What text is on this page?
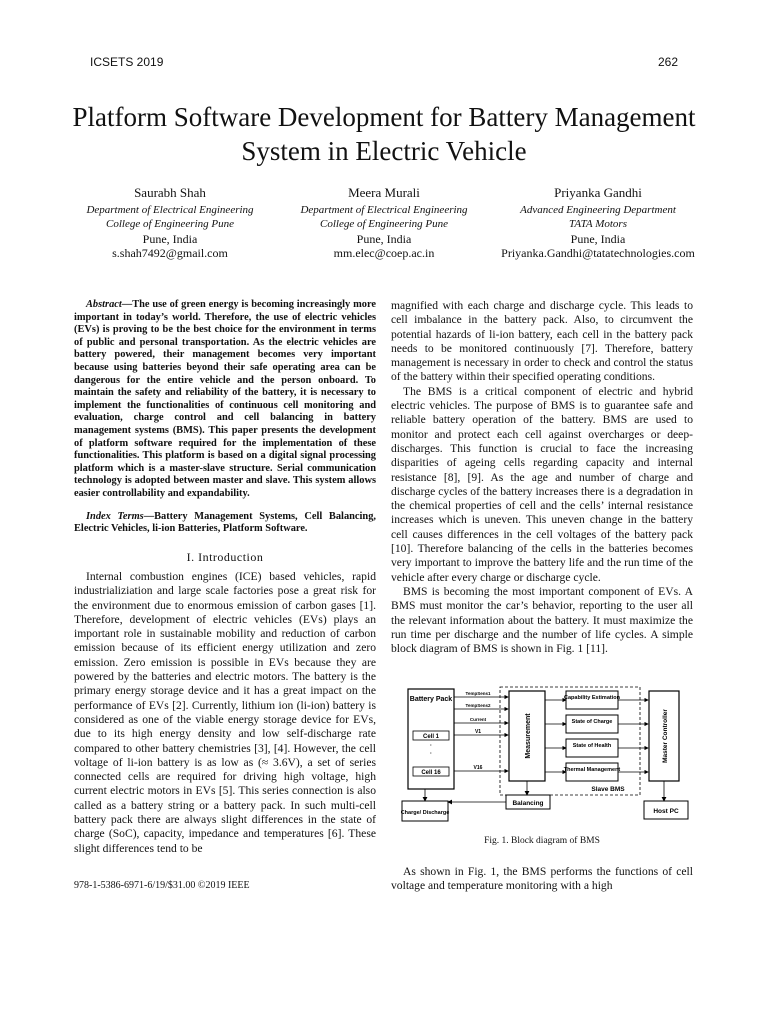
ICSETS 2019	262
Platform Software Development for Battery Management System in Electric Vehicle
Saurabh Shah
Department of Electrical Engineering
College of Engineering Pune
Pune, India
s.shah7492@gmail.com
Meera Murali
Department of Electrical Engineering
College of Engineering Pune
Pune, India
mm.elec@coep.ac.in
Priyanka Gandhi
Advanced Engineering Department
TATA Motors
Pune, India
Priyanka.Gandhi@tatatechnologies.com

Abstract—The use of green energy is becoming increasingly more important in today’s world. Therefore, the use of electric vehicles (EVs) is proving to be the best choice for the environment in terms of public and personal transportation. As the electric vehicles are battery powered, their management becomes very important because using batteries beyond their safe operating area can be dangerous for the entire vehicle and the person onboard. To maintain the safety and reliability of the battery, it is necessary to implement the functionalities of continuous cell monitoring and evaluation, charge control and cell balancing in battery management systems (BMS). This paper presents the development of platform software required for the implementation of these functionalities. This platform is based on a digital signal processing platform which is a master-slave structure. Serial communication technology is adopted between master and slave. This system allows easier controllability and expandability.

Index Terms—Battery Management Systems, Cell Balancing, Electric Vehicles, li-ion Batteries, Platform Software.

I. Introduction

Internal combustion engines (ICE) based vehicles, rapid industrializiation and large scale factories pose a great risk for the environment due to enormous emission of carbon gases [1]. Therefore, development of electric vehicles (EVs) plays an important role in sustainable mobility and reduction of carbon emission because of its efficient energy utilization and zero emission. Zero emission is possible in EVs because they are powered by the batteries and electric motors. The battery is the primary energy storage device and it has a great impact on the performance of EVs [2]. Currently, lithium ion (li-ion) battery is considered as one of the viable energy storage device for EVs, due to its high energy density and low self-discharge rate compared to other battery chemistries [3], [4]. However, the cell voltage of li-ion battery is as low as (≈ 3.6V), a set of series connected cells are required for driving high voltage, high current electric motors in EVs [5]. This series connection is also called as a battery string or a battery pack. In such multi-cell battery pack there are always slight differences in the state of charge (SoC), capacity, impedance and temperatures [6]. These slight differences tend to be

magnified with each charge and discharge cycle. This leads to cell imbalance in the battery pack. Also, to circumvent the potential hazards of li-ion battery, each cell in the battery pack needs to be monitored continuously [7]. Therefore, battery management is necessary in order to check and control the status of the battery within their specified operating conditions.

The BMS is a critical component of electric and hybrid electric vehicles. The purpose of BMS is to guarantee safe and reliable battery operation of the battery. BMS are used to monitor and protect each cell against overcharges or deep-discharges. This function is crucial to face the increasing disparities of ageing cells regarding capacity and internal resistance [8], [9]. As the age and number of charge and discharge cycles of the battery increases there is a degradation in the chemical properties of cell and the cells’ internal resistance increases which is uneven. This uneven change in the battery cell causes differences in the cell voltages of the battery pack [10]. Therefore balancing of the cells in the batteries becomes very important to improve the battery life and the run time of the vehicle after every charge or discharge cycle.

BMS is becoming the most important component of EVs. A BMS must monitor the car’s behavior, reporting to the user all the relevant information about the battery. It must maximize the run time per discharge and the number of life cycles. A simple block diagram of BMS is shown in Fig. 1 [11].

Battery Pack
Cell 1
·
·
Cell 16
Slave BMS
TempSens1
TempSens2
Current
V1
V16
Measurement
Capability Estimation
State of Charge
State of Health
Thermal Management
Master Controller
Charge/ Discharge
Balancing
Host PC
Fig. 1. Block diagram of BMS

As shown in Fig. 1, the BMS performs the functions of cell voltage and temperature monitoring with a high

978-1-5386-6971-6/19/$31.00 ©2019 IEEE
